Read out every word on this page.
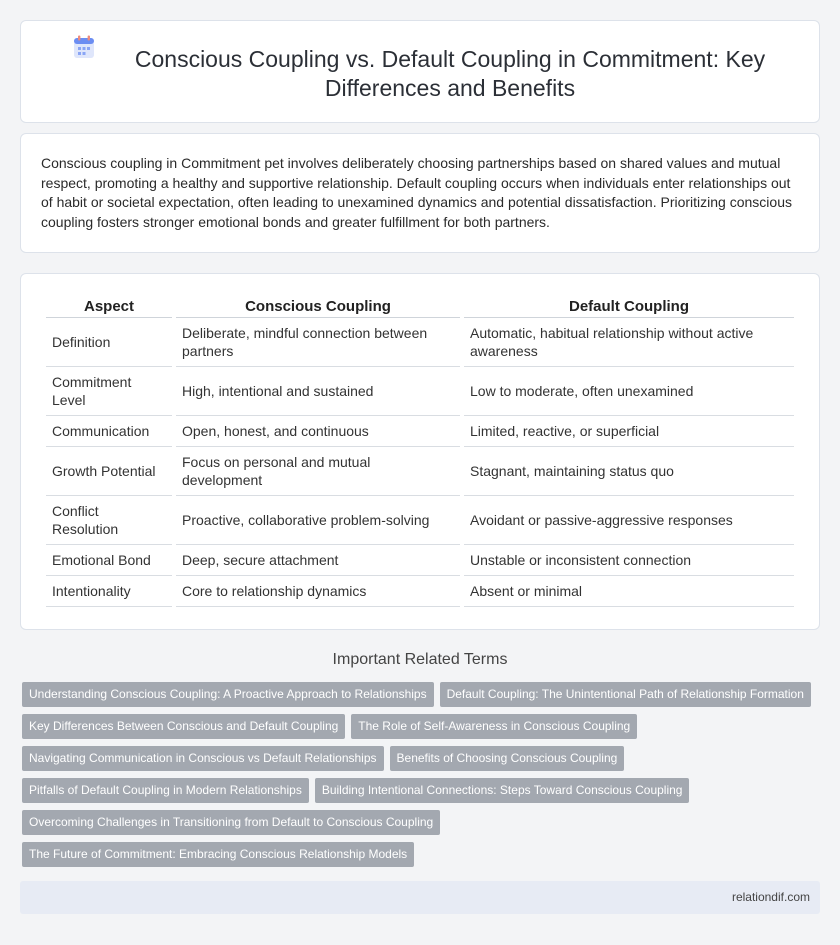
Conscious Coupling vs. Default Coupling in Commitment: Key Differences and Benefits

Conscious coupling in Commitment pet involves deliberately choosing partnerships based on shared values and mutual respect, promoting a healthy and supportive relationship. Default coupling occurs when individuals enter relationships out of habit or societal expectation, often leading to unexamined dynamics and potential dissatisfaction. Prioritizing conscious coupling fosters stronger emotional bonds and greater fulfillment for both partners.

Aspect	Conscious Coupling	Default Coupling
Definition	Deliberate, mindful connection between partners	Automatic, habitual relationship without active awareness
Commitment Level	High, intentional and sustained	Low to moderate, often unexamined
Communication	Open, honest, and continuous	Limited, reactive, or superficial
Growth Potential	Focus on personal and mutual development	Stagnant, maintaining status quo
Conflict Resolution	Proactive, collaborative problem-solving	Avoidant or passive-aggressive responses
Emotional Bond	Deep, secure attachment	Unstable or inconsistent connection
Intentionality	Core to relationship dynamics	Absent or minimal
Important Related Terms
Understanding Conscious Coupling: A Proactive Approach to Relationships Default Coupling: The Unintentional Path of Relationship Formation
Key Differences Between Conscious and Default Coupling The Role of Self-Awareness in Conscious Coupling
Navigating Communication in Conscious vs Default Relationships Benefits of Choosing Conscious Coupling
Pitfalls of Default Coupling in Modern Relationships Building Intentional Connections: Steps Toward Conscious Coupling
Overcoming Challenges in Transitioning from Default to Conscious Coupling
The Future of Commitment: Embracing Conscious Relationship Models
relationdif.com
